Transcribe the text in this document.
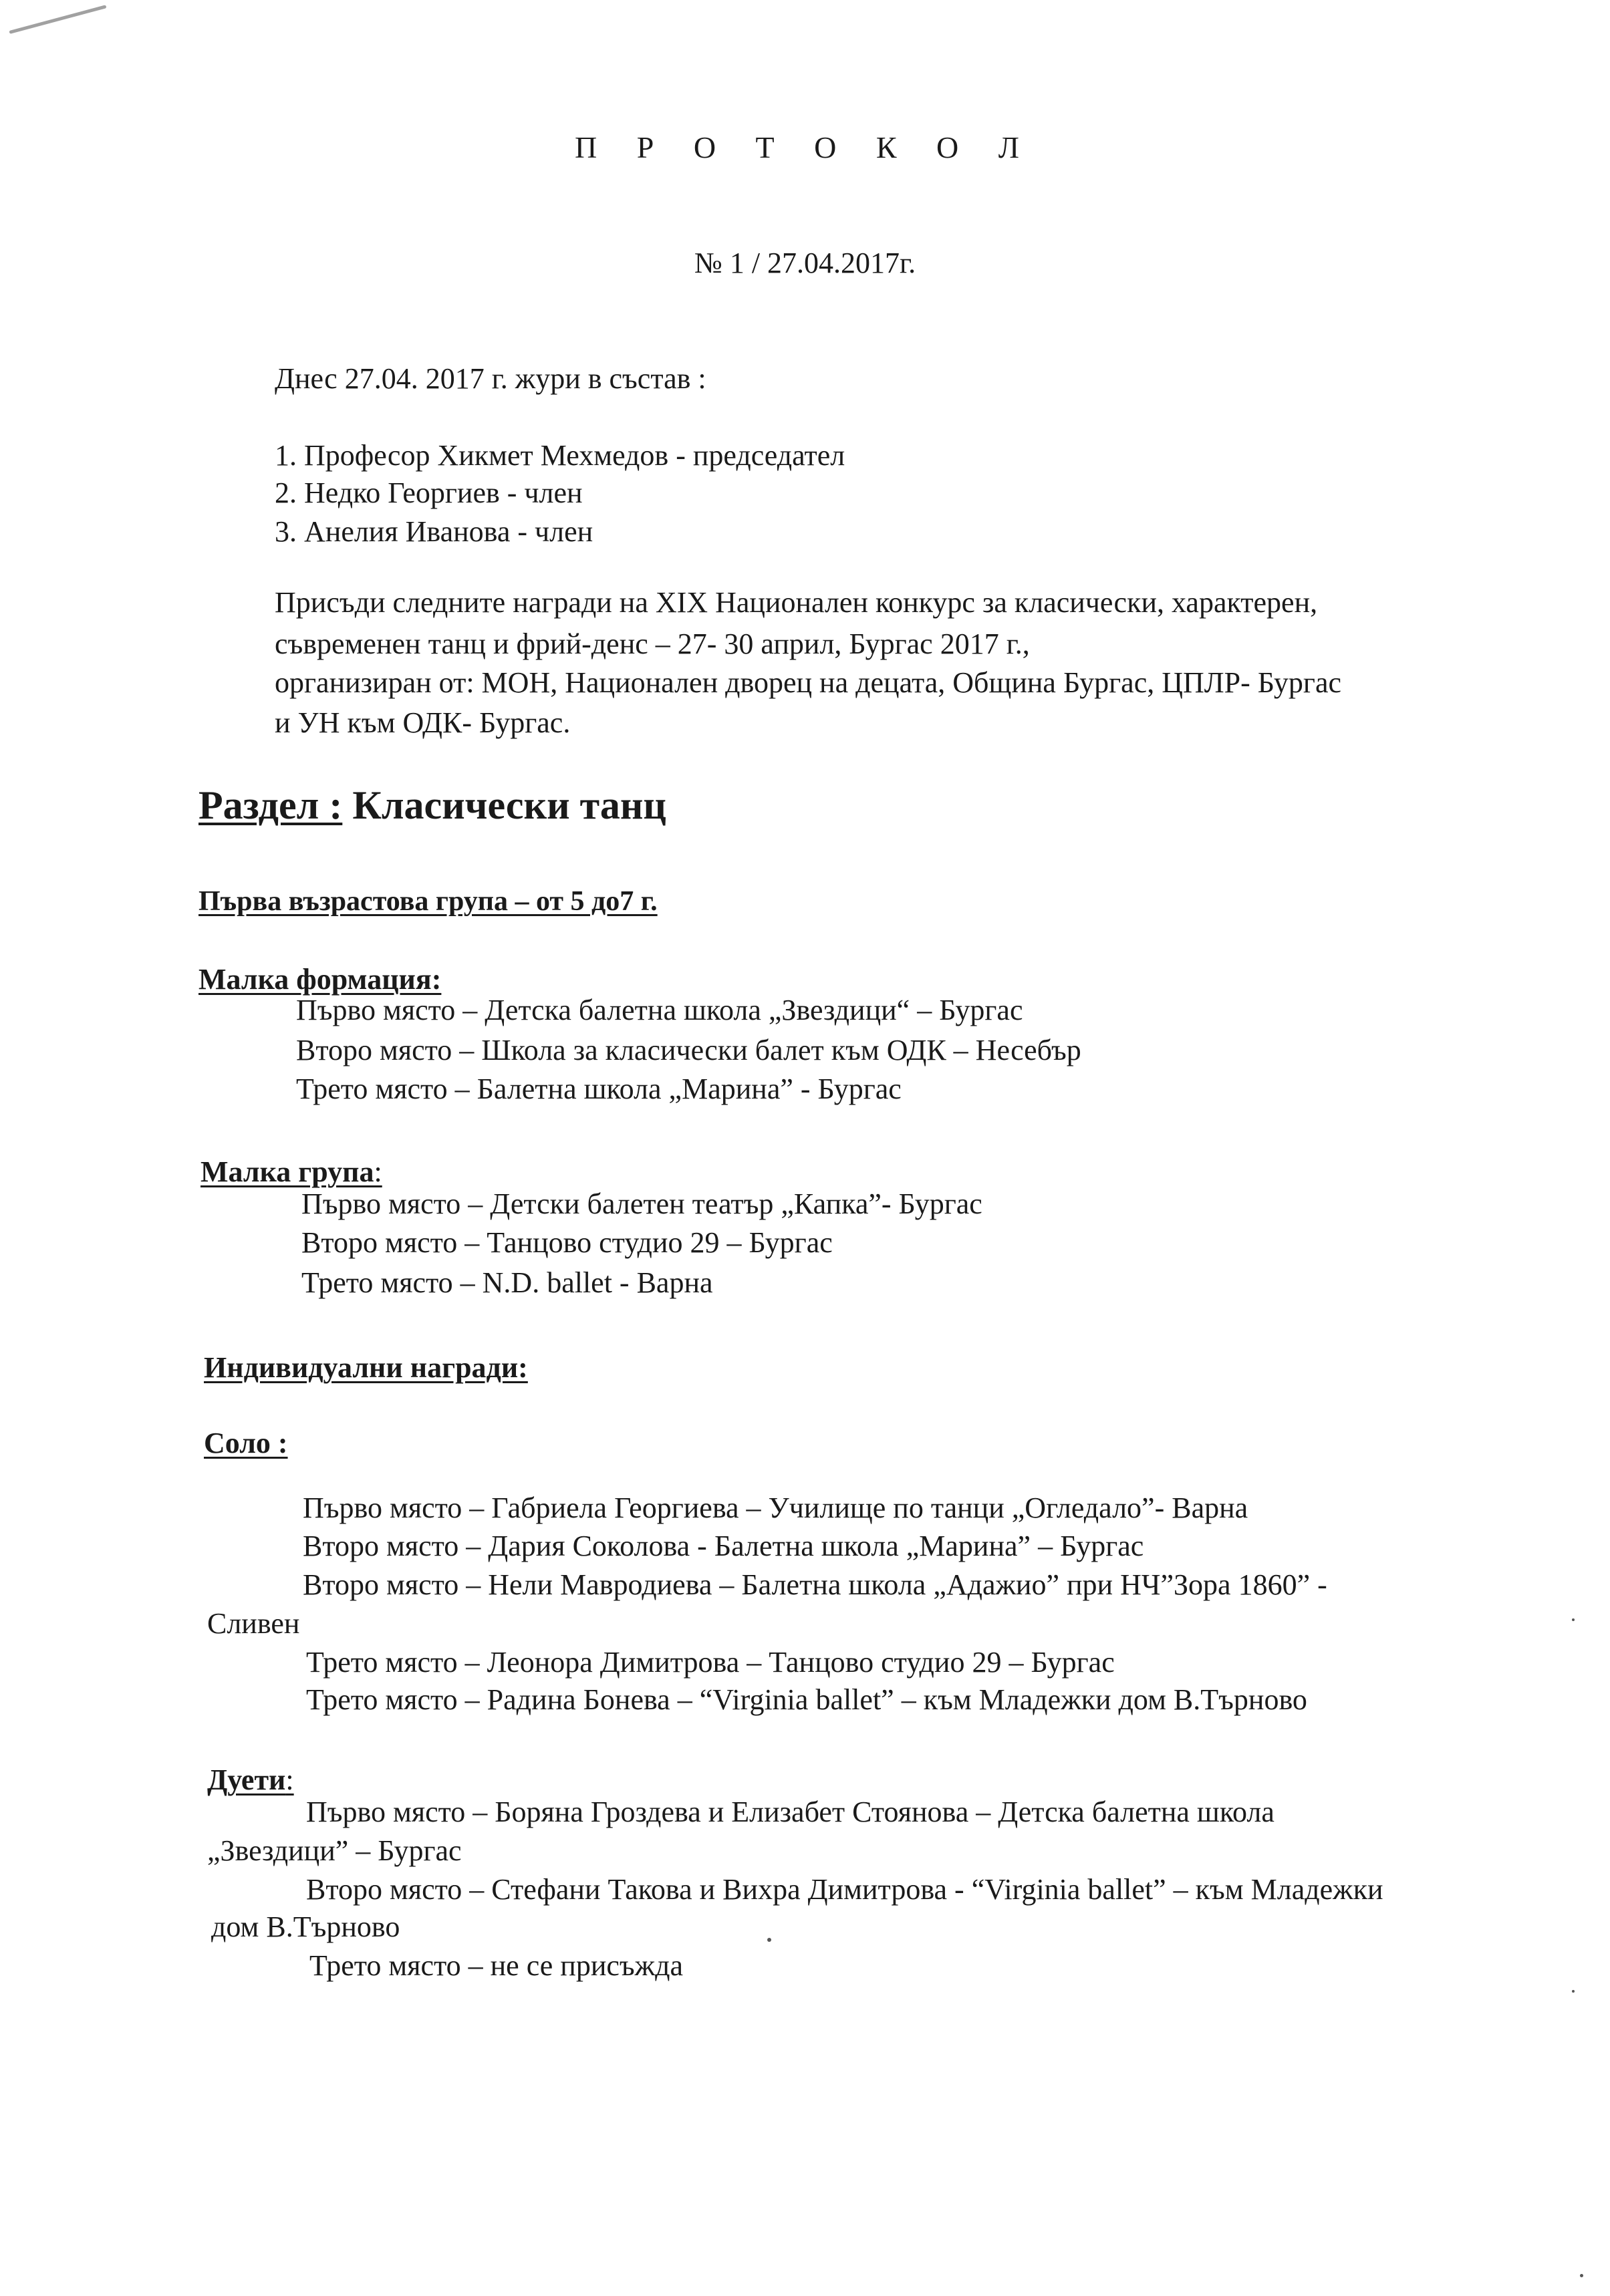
П Р О Т О К О Л
№ 1 / 27.04.2017г.
Днес 27.04. 2017 г. жури в състав :
1. Професор Хикмет Мехмедов - председател
2. Недко Георгиев - член
3. Анелия Иванова - член
Присъди следните награди на XIX Национален конкурс за класически, характерен,
съвременен танц и фрий-денс – 27- 30 април, Бургас 2017 г.,
организиран от: МОН, Национален дворец на децата, Община Бургас, ЦПЛР- Бургас
и УН към ОДК- Бургас.
Раздел : Класически танц
Първа възрастова група – от 5 до7 г.
Малка формация:
Първо място – Детска балетна школа „Звездици“ – Бургас
Второ място – Школа за класически балет към ОДК – Несебър
Трето място – Балетна школа „Марина” - Бургас
Малка група:
Първо място – Детски балетен театър „Капка”- Бургас
Второ място – Танцово студио 29 – Бургас
Трето място – N.D. ballet - Варна
Индивидуални награди:
Соло :
Първо място – Габриела Георгиева – Училище по танци „Огледало”- Варна
Второ място – Дария Соколова - Балетна школа „Марина” – Бургас
Второ място – Нели Мавродиева – Балетна школа „Адажио” при НЧ”Зора 1860” -
Сливен
Трето място – Леонора Димитрова – Танцово студио 29 – Бургас
Трето място – Радина Бонева – “Virginia ballet” – към Младежки дом В.Търново
Дуети:
Първо място – Боряна Гроздева и Елизабет Стоянова – Детска балетна школа
„Звездици” – Бургас
Второ място – Стефани Такова и Вихра Димитрова - “Virginia ballet” – към Младежки
дом В.Търново
Трето място – не се присъжда
